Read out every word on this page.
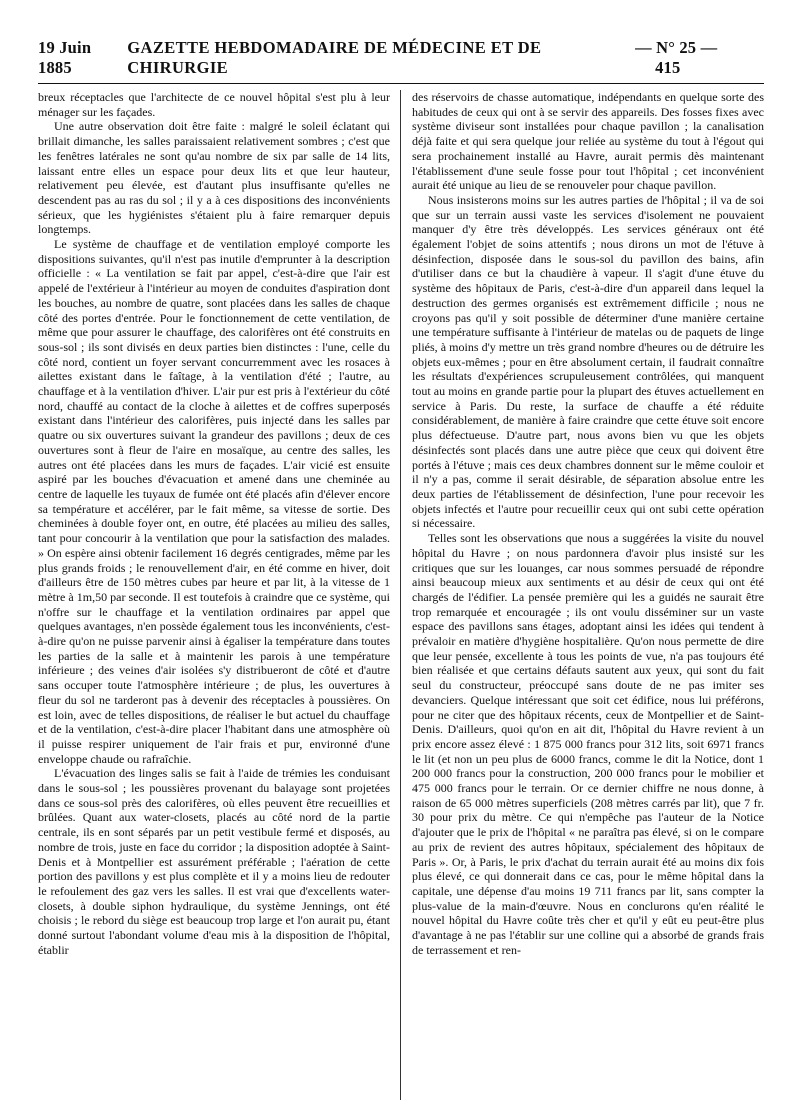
19 Juin 1885
GAZETTE HEBDOMADAIRE DE MÉDECINE ET DE CHIRURGIE
— N° 25 — 415

breux réceptacles que l'architecte de ce nouvel hôpital s'est plu à leur ménager sur les façades.

Une autre observation doit être faite : malgré le soleil éclatant qui brillait dimanche, les salles paraissaient relativement sombres ; c'est que les fenêtres latérales ne sont qu'au nombre de six par salle de 14 lits, laissant entre elles un espace pour deux lits et que leur hauteur, relativement peu élevée, est d'autant plus insuffisante qu'elles ne descendent pas au ras du sol ; il y a à ces dispositions des inconvénients sérieux, que les hygiénistes s'étaient plu à faire remarquer depuis longtemps.

Le système de chauffage et de ventilation employé comporte les dispositions suivantes, qu'il n'est pas inutile d'emprunter à la description officielle : « La ventilation se fait par appel, c'est-à-dire que l'air est appelé de l'extérieur à l'intérieur au moyen de conduites d'aspiration dont les bouches, au nombre de quatre, sont placées dans les salles de chaque côté des portes d'entrée. Pour le fonctionnement de cette ventilation, de même que pour assurer le chauffage, des calorifères ont été construits en sous-sol ; ils sont divisés en deux parties bien distinctes : l'une, celle du côté nord, contient un foyer servant concurremment avec les rosaces à ailettes existant dans le faîtage, à la ventilation d'été ; l'autre, au chauffage et à la ventilation d'hiver. L'air pur est pris à l'extérieur du côté nord, chauffé au contact de la cloche à ailettes et de coffres superposés existant dans l'intérieur des calorifères, puis injecté dans les salles par quatre ou six ouvertures suivant la grandeur des pavillons ; deux de ces ouvertures sont à fleur de l'aire en mosaïque, au centre des salles, les autres ont été placées dans les murs de façades. L'air vicié est ensuite aspiré par les bouches d'évacuation et amené dans une cheminée au centre de laquelle les tuyaux de fumée ont été placés afin d'élever encore sa température et accélérer, par le fait même, sa vitesse de sortie. Des cheminées à double foyer ont, en outre, été placées au milieu des salles, tant pour concourir à la ventilation que pour la satisfaction des malades. » On espère ainsi obtenir facilement 16 degrés centigrades, même par les plus grands froids ; le renouvellement d'air, en été comme en hiver, doit d'ailleurs être de 150 mètres cubes par heure et par lit, à la vitesse de 1 mètre à 1m,50 par seconde. Il est toutefois à craindre que ce système, qui n'offre sur le chauffage et la ventilation ordinaires par appel que quelques avantages, n'en possède également tous les inconvénients, c'est-à-dire qu'on ne puisse parvenir ainsi à égaliser la température dans toutes les parties de la salle et à maintenir les parois à une température inférieure ; des veines d'air isolées s'y distribueront de côté et d'autre sans occuper toute l'atmosphère intérieure ; de plus, les ouvertures à fleur du sol ne tarderont pas à devenir des réceptacles à poussières. On est loin, avec de telles dispositions, de réaliser le but actuel du chauffage et de la ventilation, c'est-à-dire placer l'habitant dans une atmosphère où il puisse respirer uniquement de l'air frais et pur, environné d'une enveloppe chaude ou rafraîchie.

L'évacuation des linges salis se fait à l'aide de trémies les conduisant dans le sous-sol ; les poussières provenant du balayage sont projetées dans ce sous-sol près des calorifères, où elles peuvent être recueillies et brûlées. Quant aux water-closets, placés au côté nord de la partie centrale, ils en sont séparés par un petit vestibule fermé et disposés, au nombre de trois, juste en face du corridor ; la disposition adoptée à Saint-Denis et à Montpellier est assurément préférable ; l'aération de cette portion des pavillons y est plus complète et il y a moins lieu de redouter le refoulement des gaz vers les salles. Il est vrai que d'excellents water-closets, à double siphon hydraulique, du système Jennings, ont été choisis ; le rebord du siège est beaucoup trop large et l'on aurait pu, étant donné surtout l'abondant volume d'eau mis à la disposition de l'hôpital, établir

des réservoirs de chasse automatique, indépendants en quelque sorte des habitudes de ceux qui ont à se servir des appareils. Des fosses fixes avec système diviseur sont installées pour chaque pavillon ; la canalisation déjà faite et qui sera quelque jour reliée au système du tout à l'égout qui sera prochainement installé au Havre, aurait permis dès maintenant l'établissement d'une seule fosse pour tout l'hôpital ; cet inconvénient aurait été unique au lieu de se renouveler pour chaque pavillon.

Nous insisterons moins sur les autres parties de l'hôpital ; il va de soi que sur un terrain aussi vaste les services d'isolement ne pouvaient manquer d'y être très développés. Les services généraux ont été également l'objet de soins attentifs ; nous dirons un mot de l'étuve à désinfection, disposée dans le sous-sol du pavillon des bains, afin d'utiliser dans ce but la chaudière à vapeur. Il s'agit d'une étuve du système des hôpitaux de Paris, c'est-à-dire d'un appareil dans lequel la destruction des germes organisés est extrêmement difficile ; nous ne croyons pas qu'il y soit possible de déterminer d'une manière certaine une température suffisante à l'intérieur de matelas ou de paquets de linge pliés, à moins d'y mettre un très grand nombre d'heures ou de détruire les objets eux-mêmes ; pour en être absolument certain, il faudrait connaître les résultats d'expériences scrupuleusement contrôlées, qui manquent tout au moins en grande partie pour la plupart des étuves actuellement en service à Paris. Du reste, la surface de chauffe a été réduite considérablement, de manière à faire craindre que cette étuve soit encore plus défectueuse. D'autre part, nous avons bien vu que les objets désinfectés sont placés dans une autre pièce que ceux qui doivent être portés à l'étuve ; mais ces deux chambres donnent sur le même couloir et il n'y a pas, comme il serait désirable, de séparation absolue entre les deux parties de l'établissement de désinfection, l'une pour recevoir les objets infectés et l'autre pour recueillir ceux qui ont subi cette opération si nécessaire.

Telles sont les observations que nous a suggérées la visite du nouvel hôpital du Havre ; on nous pardonnera d'avoir plus insisté sur les critiques que sur les louanges, car nous sommes persuadé de répondre ainsi beaucoup mieux aux sentiments et au désir de ceux qui ont été chargés de l'édifier. La pensée première qui les a guidés ne saurait être trop remarquée et encouragée ; ils ont voulu disséminer sur un vaste espace des pavillons sans étages, adoptant ainsi les idées qui tendent à prévaloir en matière d'hygiène hospitalière. Qu'on nous permette de dire que leur pensée, excellente à tous les points de vue, n'a pas toujours été bien réalisée et que certains défauts sautent aux yeux, qui sont du fait seul du constructeur, préoccupé sans doute de ne pas imiter ses devanciers. Quelque intéressant que soit cet édifice, nous lui préférons, pour ne citer que des hôpitaux récents, ceux de Montpellier et de Saint-Denis. D'ailleurs, quoi qu'on en ait dit, l'hôpital du Havre revient à un prix encore assez élevé : 1 875 000 francs pour 312 lits, soit 6971 francs le lit (et non un peu plus de 6000 francs, comme le dit la Notice, dont 1 200 000 francs pour la construction, 200 000 francs pour le mobilier et 475 000 francs pour le terrain. Or ce dernier chiffre ne nous donne, à raison de 65 000 mètres superficiels (208 mètres carrés par lit), que 7 fr. 30 pour prix du mètre. Ce qui n'empêche pas l'auteur de la Notice d'ajouter que le prix de l'hôpital « ne paraîtra pas élevé, si on le compare au prix de revient des autres hôpitaux, spécialement des hôpitaux de Paris ». Or, à Paris, le prix d'achat du terrain aurait été au moins dix fois plus élevé, ce qui donnerait dans ce cas, pour le même hôpital dans la capitale, une dépense d'au moins 19 711 francs par lit, sans compter la plus-value de la main-d'œuvre. Nous en conclurons qu'en réalité le nouvel hôpital du Havre coûte très cher et qu'il y eût eu peut-être plus d'avantage à ne pas l'établir sur une colline qui a absorbé de grands frais de terrassement et ren-
